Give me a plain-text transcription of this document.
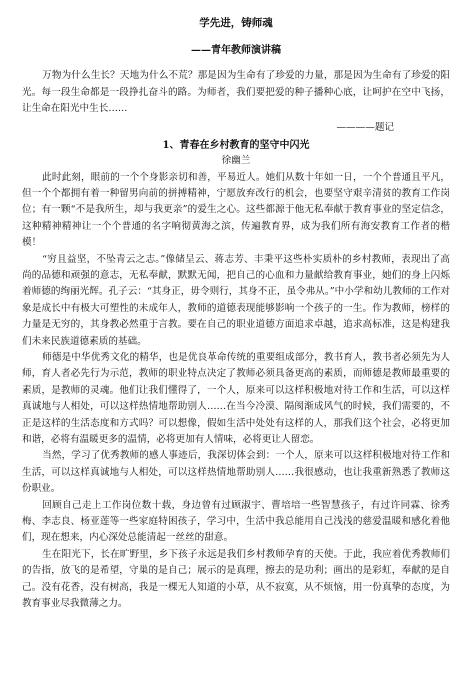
学先进，铸师魂

——青年教师演讲稿

万物为什么生长？天地为什么不荒？那是因为生命有了珍爱的力量，那是因为生命有了珍爱的阳光。每一段生命都是一段挣扎奋斗的路。为师者，我们要把爱的种子播种心底，让呵护在空中飞扬，让生命在阳光中生长……

————题记

1、青春在乡村教育的坚守中闪光

徐幽兰

此时此刻，眼前的一个个身影亲切和善，平易近人。她们从数十年如一日，一个个普通且平凡，但一个个都拥有着一种留男向前的拼搏精神，宁愿放弃改行的机会，也要坚守艰辛清贫的教育工作岗位；有一颗“不是我所生，却与我更亲”的爱生之心。这些都源于他无私奉献于教育事业的坚定信念，这种精神精神让一个个普通的名字响彻黄海之滨，传遍教育界，成为我们所有海安教育工作者的楷模！

“穷且益坚，不坠青云之志。”像储呈云、蒋志芳、丰秉平这些朴实质朴的乡村教师，表现出了高尚的品德和顽强的意志，无私奉献，默默无闻，把自己的心血和力量献给教育事业，她们的身上闪烁着师德的绚丽光辉。孔子云：“其身正，毋令则行，其身不正，虽令弗从。”中小学和幼儿教师的工作对象是成长中有极大可塑性的未成年人，教师的道德表现能够影响一个孩子的一生。作为教师，榜样的力量是无穷的，其身教必然重于言教。要在自己的职业道德方面追求卓越，追求高标准，这是构建我们未来民族道德素质的基础。

师德是中华优秀文化的精华，也是优良革命传统的重要组成部分，教书育人，教书者必须先为人师，育人者必先行为示范，教师的职业特点决定了教师必须具备更高的素质，而师德是教师最重要的素质，是教师的灵魂。他们让我们懂得了，一个人，原来可以这样积极地对待工作和生活，可以这样真诚地与人相处，可以这样热情地帮助别人……在当今冷漠、隔阂渐成风气的时候，我们需要的，不正是这样的生活态度和方式吗？可以想像，假如生活中处处有这样的人，那我们这个社会，必将更加和谐，必将有温暖更多的温情，必将更加有人情味，必将更让人留恋。

当然，学习了优秀教师的感人事迹后，我深切体会到：一个人，原来可以这样积极地对待工作和生活，可以这样真诚地与人相处，可以这样热情地帮助别人……我很感动，也让我重新熟悉了教师这份职业。

回顾自己走上工作岗位数十载，身边曾有过顾淑宇、曹培培一些智慧孩子，有过许同霖、徐秀梅、李志良、杨亚莲等一些家庭特困孩子，学习中，生活中我总能用自己浅浅的慈爱温暖和感化着他们，现在想来，内心深处总能清起一丝丝的甜意。

生在阳光下，长在旷野里，乡下孩子永远是我们乡村教师孕育的天使。于此，我应着优秀教师们的告指，放飞的是希望，守巢的是自己；展示的是真理，擦去的是功利；画出的是彩虹，奉献的是自己。没有花香，没有树高，我是一棵无人知道的小草，从不寂寞，从不烦恼，用一份真挚的态度，为教育事业尽我微薄之力。
